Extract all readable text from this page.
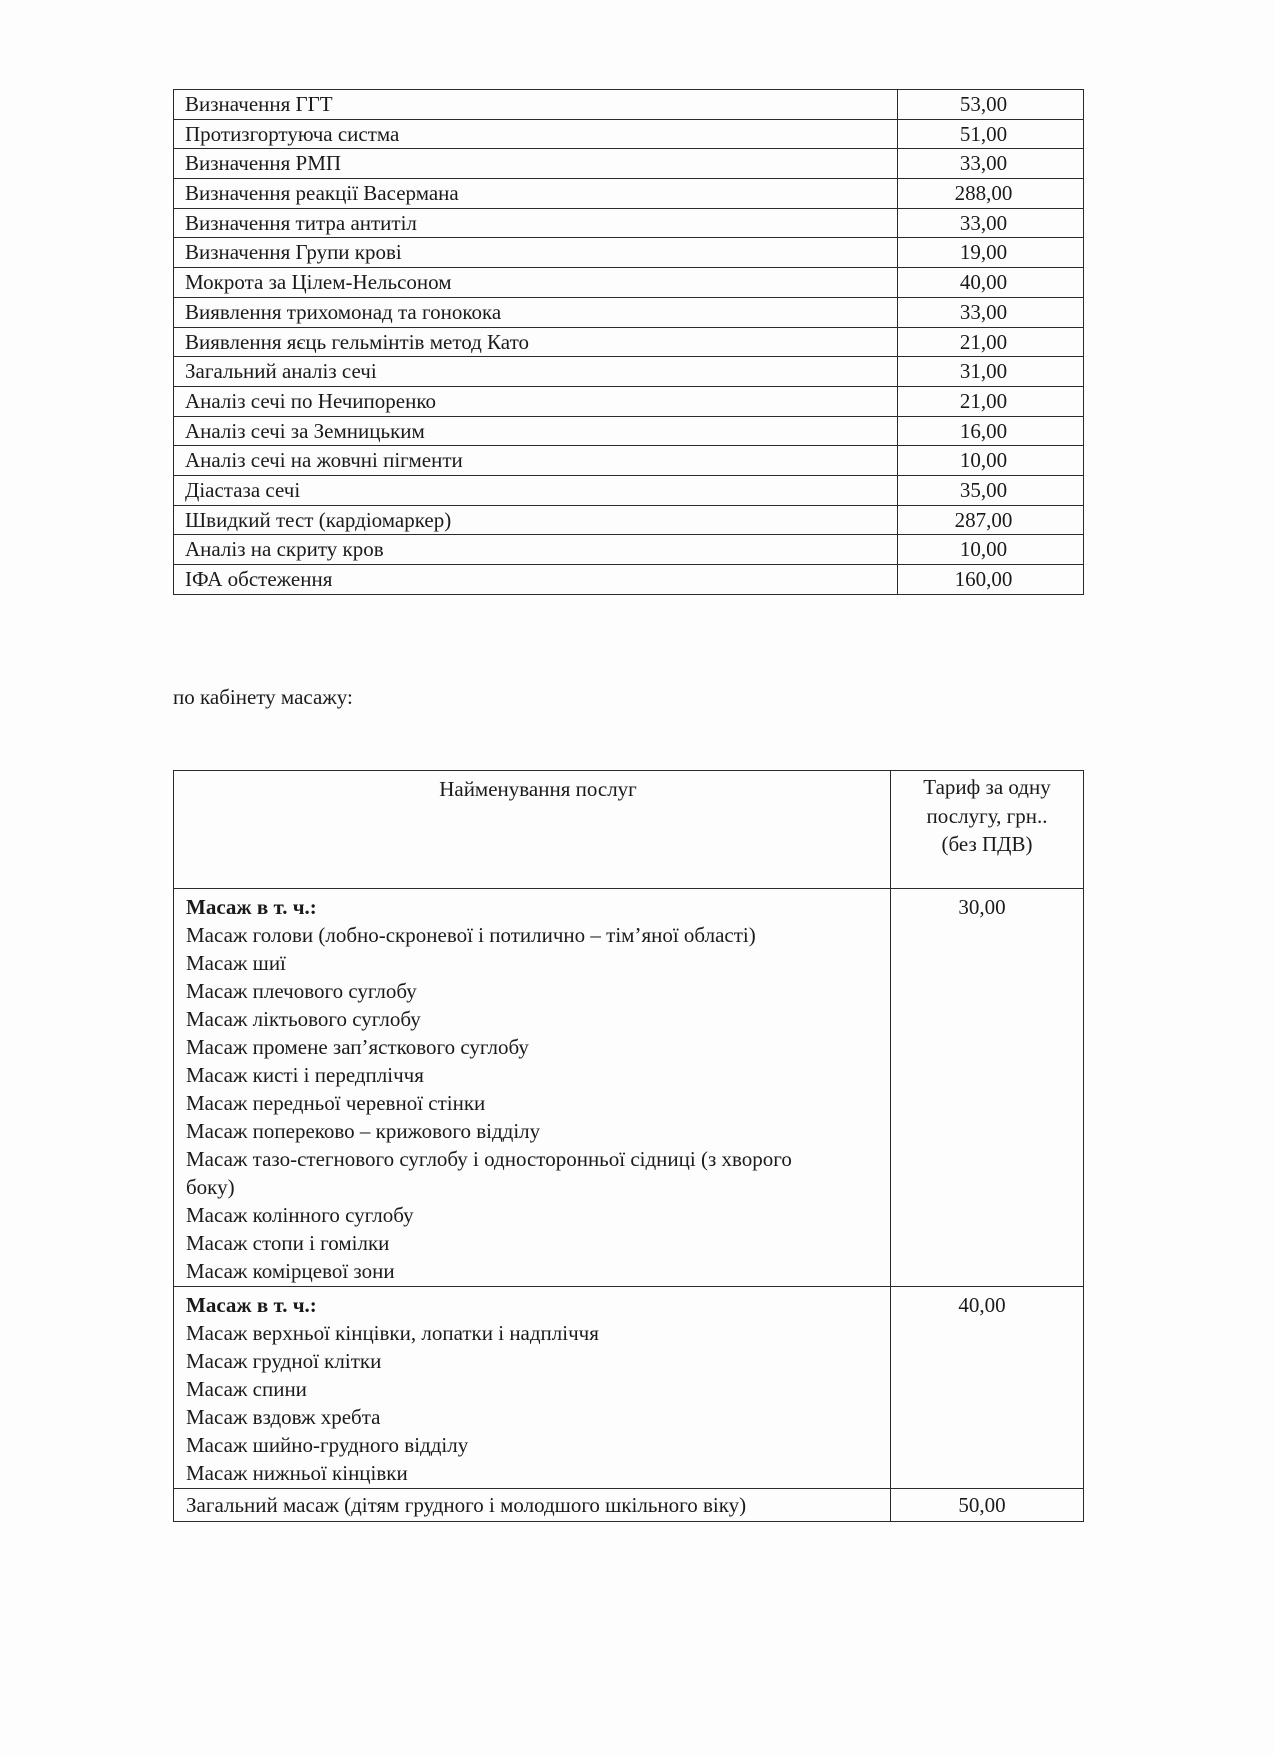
Визначення ГГТ	53,00
Протизгортуюча систма	51,00
Визначення РМП	33,00
Визначення реакції Васермана	288,00
Визначення титра антитіл	33,00
Визначення Групи крові	19,00
Мокрота за Цілем-Нельсоном	40,00
Виявлення трихомонад та гонокока	33,00
Виявлення яєць гельмінтів метод Като	21,00
Загальний аналіз сечі	31,00
Аналіз сечі по Нечипоренко	21,00
Аналіз сечі за Земницьким	16,00
Аналіз сечі на жовчні пігменти	10,00
Діастаза сечі	35,00
Швидкий тест (кардіомаркер)	287,00
Аналіз на скриту кров	10,00
ІФА обстеження	160,00
по кабінету масажу:
Найменування послуг	Тариф за одну
послугу, грн..
(без ПДВ)

Масаж в т. ч.:
Масаж голови (лобно-скроневої і потилично – тім’яної області)
Масаж шиї
Масаж плечового суглобу
Масаж ліктьового суглобу
Масаж промене зап’ясткового суглобу
Масаж кисті і передпліччя
Масаж передньої черевної стінки
Масаж попереково – крижового відділу
Масаж тазо-стегнового суглобу і односторонньої сідниці (з хворого боку)
Масаж колінного суглобу
Масаж стопи і гомілки
Масаж комірцевої зони
	30,00

Масаж в т. ч.:
Масаж верхньої кінцівки, лопатки і надпліччя
Масаж грудної клітки
Масаж спини
Масаж вздовж хребта
Масаж шийно-грудного відділу
Масаж нижньої кінцівки
	40,00
Загальний масаж (дітям грудного і молодшого шкільного віку)	50,00
